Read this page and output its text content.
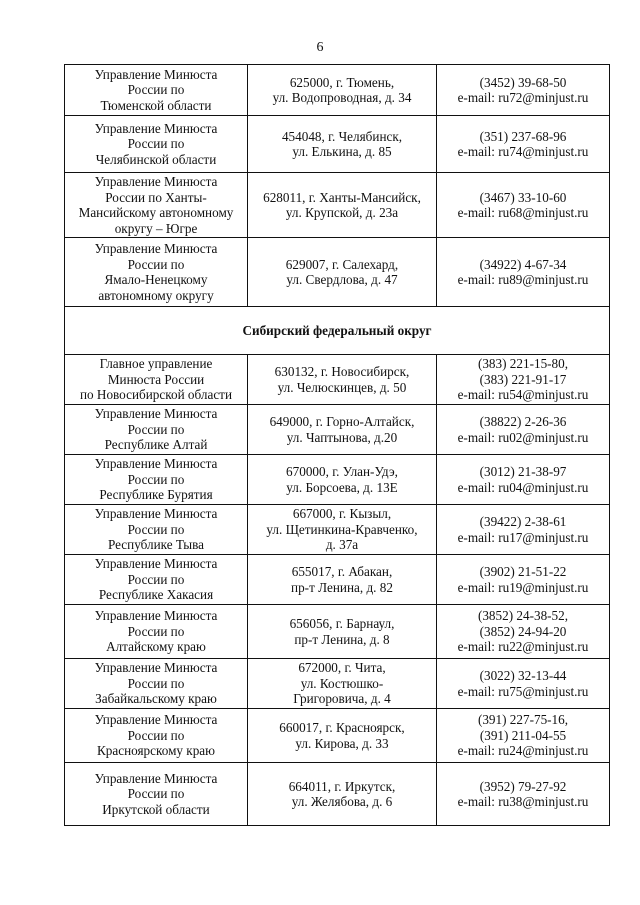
6
Управление Минюста
России по
Тюменской области	625000, г. Тюмень,
ул. Водопроводная, д. 34	(3452) 39-68-50
e-mail: ru72@minjust.ru

Управление Минюста
России по
Челябинской области	454048, г. Челябинск,
ул. Елькина, д. 85	(351) 237-68-96
e-mail: ru74@minjust.ru

Управление Минюста
России по Ханты-
Мансийскому автономному
округу – Югре	628011, г. Ханты-Мансийск,
ул. Крупской, д. 23а	(3467) 33-10-60
e-mail: ru68@minjust.ru

Управление Минюста
России по
Ямало-Ненецкому
автономному округу	629007, г. Салехард,
ул. Свердлова, д. 47	(34922) 4-67-34
e-mail: ru89@minjust.ru

Сибирский федеральный округ		

Главное управление
Минюста России
по Новосибирской области	630132, г. Новосибирск,
ул. Челюскинцев, д. 50	(383) 221-15-80,
(383) 221-91-17
e-mail: ru54@minjust.ru

Управление Минюста
России по
Республике Алтай	649000, г. Горно-Алтайск,
ул. Чаптынова, д.20	(38822) 2-26-36
e-mail: ru02@minjust.ru

Управление Минюста
России по
Республике Бурятия	670000, г. Улан-Удэ,
ул. Борсоева, д. 13Е	(3012) 21-38-97
e-mail: ru04@minjust.ru

Управление Минюста
России по
Республике Тыва	667000, г. Кызыл,
ул. Щетинкина-Кравченко,
д. 37а	(39422) 2-38-61
e-mail: ru17@minjust.ru

Управление Минюста
России по
Республике Хакасия	655017, г. Абакан,
пр-т Ленина, д. 82	(3902) 21-51-22
e-mail: ru19@minjust.ru

Управление Минюста
России по
Алтайскому краю	656056, г. Барнаул,
пр-т Ленина, д. 8	(3852) 24-38-52,
(3852) 24-94-20
e-mail: ru22@minjust.ru

Управление Минюста
России по
Забайкальскому краю	672000, г. Чита,
ул. Костюшко-
Григоровича, д. 4	(3022) 32-13-44
e-mail: ru75@minjust.ru

Управление Минюста
России по
Красноярскому краю	660017, г. Красноярск,
ул. Кирова, д. 33	(391) 227-75-16,
(391) 211-04-55
e-mail: ru24@minjust.ru

Управление Минюста
России по
Иркутской области	664011, г. Иркутск,
ул. Желябова, д. 6	(3952) 79-27-92
e-mail: ru38@minjust.ru
